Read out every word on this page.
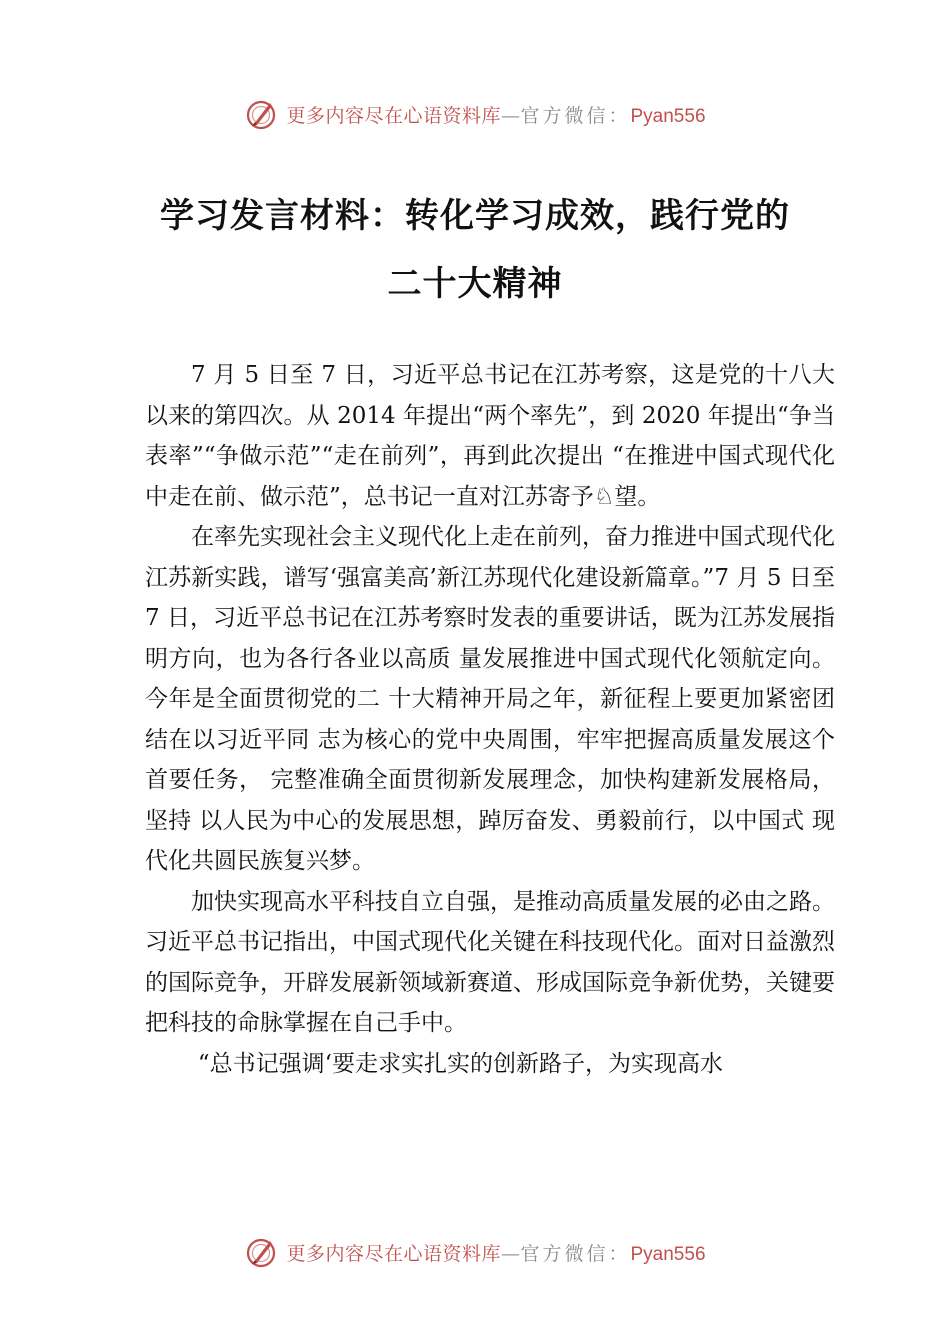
更多内容尽在心语资料库—官方微信：Pyan556
学习发言材料：转化学习成效，践行党的
二十大精神

7 月 5 日至 7 日，习近平总书记在江苏考察，这是党的十八大以来的第四次。从 2014 年提出“两个率先”，到 2020 年提出“争当表率”“争做示范”“走在前列”，再到此次提出 “在推进中国式现代化中走在前、做示范”，总书记一直对江苏寄予♘望。

在率先实现社会主义现代化上走在前列，奋力推进中国式现代化江苏新实践，谱写‘强富美高’新江苏现代化建设新篇章。”7 月 5 日至 7 日，习近平总书记在江苏考察时发表的重要讲话，既为江苏发展指明方向，也为各行各业以高质 量发展推进中国式现代化领航定向。今年是全面贯彻党的二 十大精神开局之年，新征程上要更加紧密团结在以习近平同 志为核心的党中央周围，牢牢把握高质量发展这个首要任务， 完整准确全面贯彻新发展理念，加快构建新发展格局，坚持 以人民为中心的发展思想，踔厉奋发、勇毅前行，以中国式 现代化共圆民族复兴梦。

加快实现高水平科技自立自强，是推动高质量发展的必由之路。习近平总书记指出，中国式现代化关键在科技现代化。面对日益激烈的国际竞争，开辟发展新领域新赛道、形成国际竞争新优势，关键要把科技的命脉掌握在自己手中。

“总书记强调‘要走求实扎实的创新路子，为实现高水

更多内容尽在心语资料库—官方微信：Pyan556
